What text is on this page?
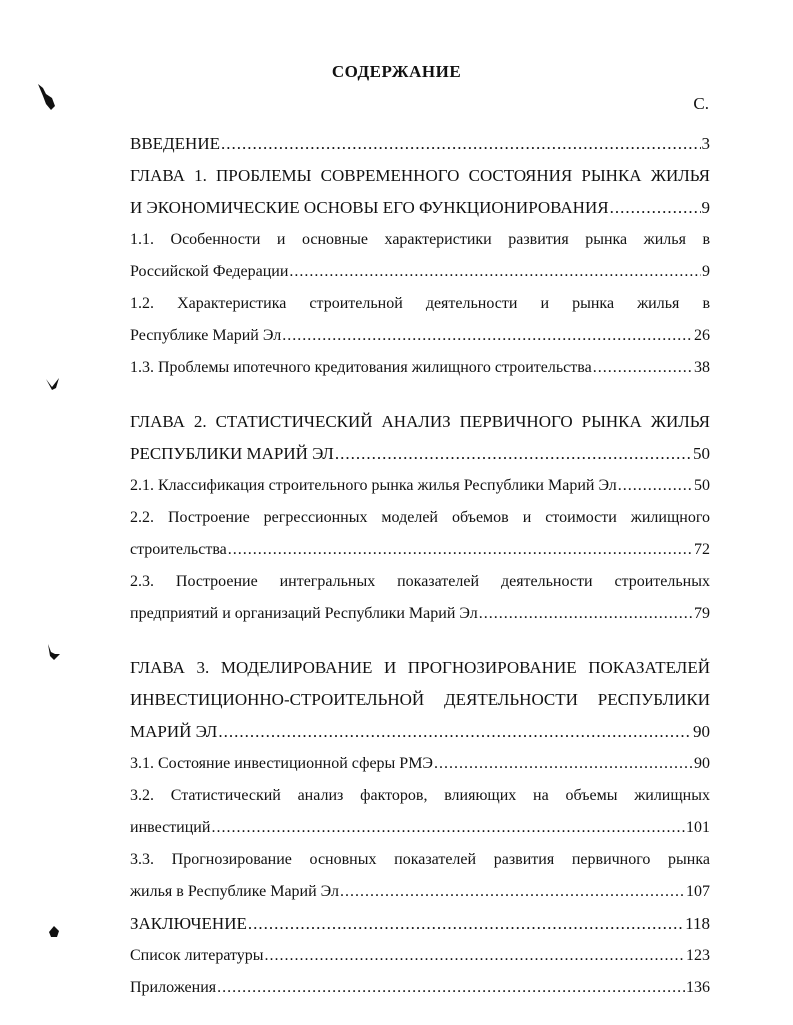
СОДЕРЖАНИЕ
С.
ВВЕДЕНИЕ .....	3
ГЛАВА 1. ПРОБЛЕМЫ СОВРЕМЕННОГО СОСТОЯНИЯ РЫНКА ЖИЛЬЯ
И ЭКОНОМИЧЕСКИЕ ОСНОВЫ ЕГО ФУНКЦИОНИРОВАНИЯ .....	9
1.1. Особенности и основные характеристики развития рынка жилья в
Российской Федерации .....	9
1.2. Характеристика строительной деятельности и рынка жилья в
Республике Марий Эл .....	26
1.3. Проблемы ипотечного кредитования жилищного строительства .....	38
ГЛАВА 2. СТАТИСТИЧЕСКИЙ АНАЛИЗ ПЕРВИЧНОГО РЫНКА ЖИЛЬЯ
РЕСПУБЛИКИ МАРИЙ ЭЛ .....	50
2.1. Классификация строительного рынка жилья Республики Марий Эл .....	50
2.2. Построение регрессионных моделей объемов и стоимости жилищного
строительства .....	72
2.3. Построение интегральных показателей деятельности строительных
предприятий и организаций Республики Марий Эл .....	79
ГЛАВА 3. МОДЕЛИРОВАНИЕ И ПРОГНОЗИРОВАНИЕ ПОКАЗАТЕЛЕЙ
ИНВЕСТИЦИОННО-СТРОИТЕЛЬНОЙ ДЕЯТЕЛЬНОСТИ РЕСПУБЛИКИ
МАРИЙ ЭЛ .....	90
3.1. Состояние инвестиционной сферы РМЭ .....	90
3.2. Статистический анализ факторов, влияющих на объемы жилищных
инвестиций .....	101
3.3. Прогнозирование основных показателей развития первичного рынка
жилья в Республике Марий Эл .....	107
ЗАКЛЮЧЕНИЕ .....	118
Список литературы .....	123
Приложения .....	136
